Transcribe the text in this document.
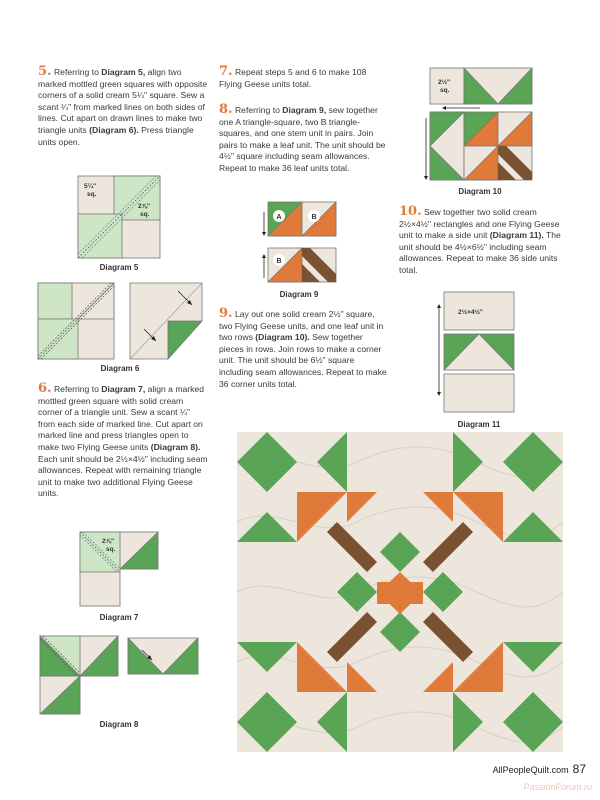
5. Referring to Diagram 5, align two marked mottled green squares with opposite corners of a solid cream 5¼" square. Sew a scant ¼" from marked lines on both sides of lines. Cut apart on drawn lines to make two triangle units (Diagram 6). Press triangle units open.
5¼"
sq.
2⅞"
sq.
Diagram 5
Diagram 6
6. Referring to Diagram 7, align a marked mottled green square with solid cream corner of a triangle unit. Sew a scant ¼" from each side of marked line. Cut apart on marked line and press triangles open to make two Flying Geese units (Diagram 8). Each unit should be 2½×4½" including seam allowances. Repeat with remaining triangle unit to make two additional Flying Geese units.
2⅞"
sq.
Diagram 7
Diagram 8
7. Repeat steps 5 and 6 to make 108 Flying Geese units total.
8. Referring to Diagram 9, sew together one A triangle-square, two B triangle-squares, and one stem unit in pairs. Join pairs to make a leaf unit. The unit should be 4½" square including seam allowances. Repeat to make 36 leaf units total.
A	B
B
Diagram 9
9. Lay out one solid cream 2½" square, two Flying Geese units, and one leaf unit in two rows (Diagram 10). Sew together pieces in rows. Join rows to make a corner unit. The unit should be 6½" square including seam allowances. Repeat to make 36 corner units total.
2½"
sq.
Diagram 10
10. Sew together two solid cream 2½×4½" rectangles and one Flying Geese unit to make a side unit (Diagram 11). The unit should be 4½×6½" including seam allowances. Repeat to make 36 side units total.
2½×4½"
Diagram 11
AllPeopleQuilt.com 87
PassionForum.ru
